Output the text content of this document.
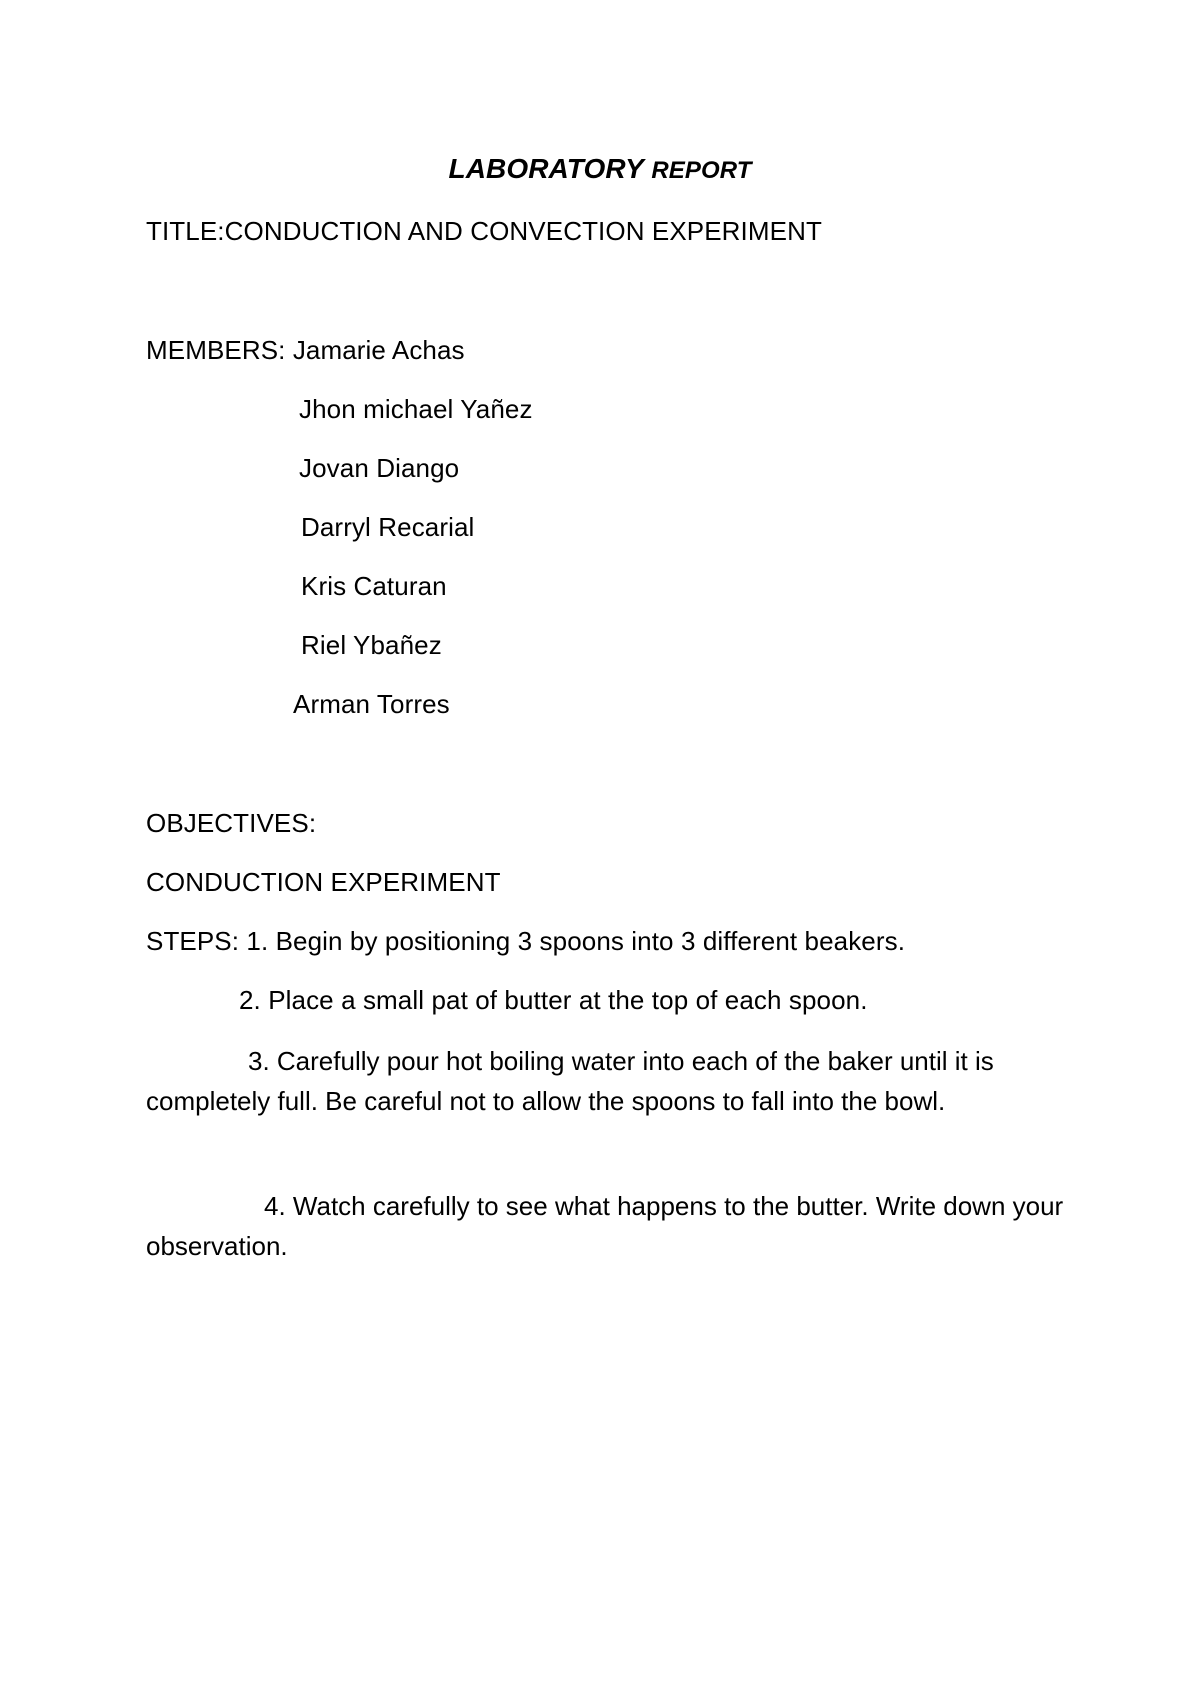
LABORATORY REPORT
TITLE:CONDUCTION AND CONVECTION EXPERIMENT
MEMBERS: Jamarie Achas
Jhon michael Yañez
Jovan Diango
Darryl Recarial
Kris Caturan
Riel Ybañez
Arman Torres
OBJECTIVES:
CONDUCTION EXPERIMENT
STEPS: 1. Begin by positioning 3 spoons into 3 different beakers.
2. Place a small pat of butter at the top of each spoon.
3. Carefully pour hot boiling water into each of the baker until it is completely full. Be careful not to allow the spoons to fall into the bowl.
4. Watch carefully to see what happens to the butter. Write down your observation.
